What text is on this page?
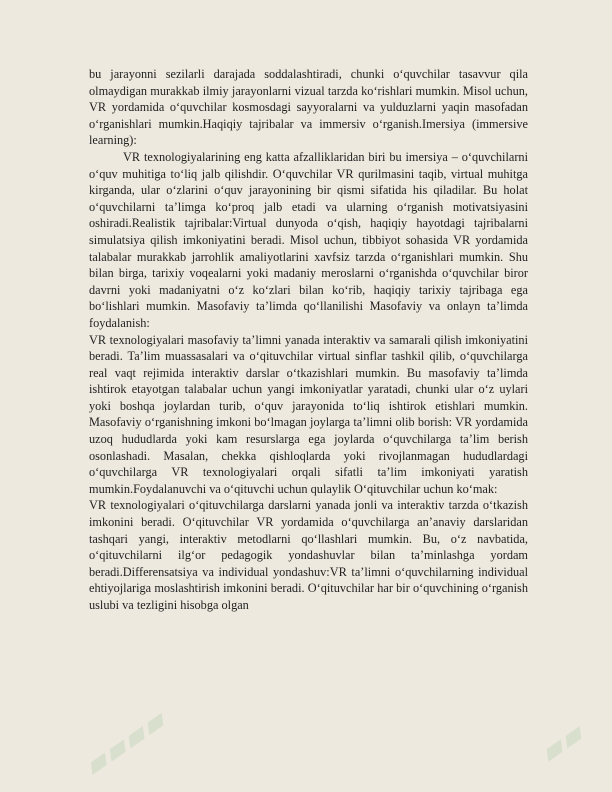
bu jarayonni sezilarli darajada soddalashtiradi, chunki oʻquvchilar tasavvur qila olmaydigan murakkab ilmiy jarayonlarni vizual tarzda koʻrishlari mumkin. Misol uchun, VR yordamida oʻquvchilar kosmosdagi sayyoralarni va yulduzlarni yaqin masofadan oʻrganishlari mumkin.Haqiqiy tajribalar va immersiv oʻrganish.Imersiya (immersive learning):

VR texnologiyalarining eng katta afzalliklaridan biri bu imersiya – oʻquvchilarni oʻquv muhitiga toʻliq jalb qilishdir. Oʻquvchilar VR qurilmasini taqib, virtual muhitga kirganda, ular oʻzlarini oʻquv jarayonining bir qismi sifatida his qiladilar. Bu holat oʻquvchilarni taʼlimga koʻproq jalb etadi va ularning oʻrganish motivatsiyasini oshiradi.Realistik tajribalar:Virtual dunyoda oʻqish, haqiqiy hayotdagi tajribalarni simulatsiya qilish imkoniyatini beradi. Misol uchun, tibbiyot sohasida VR yordamida talabalar murakkab jarrohlik amaliyotlarini xavfsiz tarzda oʻrganishlari mumkin. Shu bilan birga, tarixiy voqealarni yoki madaniy meroslarni oʻrganishda oʻquvchilar biror davrni yoki madaniyatni oʻz koʻzlari bilan koʻrib, haqiqiy tarixiy tajribaga ega boʻlishlari mumkin. Masofaviy taʼlimda qoʻllanilishi Masofaviy va onlayn taʼlimda foydalanish:

VR texnologiyalari masofaviy taʼlimni yanada interaktiv va samarali qilish imkoniyatini beradi. Taʼlim muassasalari va oʻqituvchilar virtual sinflar tashkil qilib, oʻquvchilarga real vaqt rejimida interaktiv darslar oʻtkazishlari mumkin. Bu masofaviy taʼlimda ishtirok etayotgan talabalar uchun yangi imkoniyatlar yaratadi, chunki ular oʻz uylari yoki boshqa joylardan turib, oʻquv jarayonida toʻliq ishtirok etishlari mumkin. Masofaviy oʻrganishning imkoni boʻlmagan joylarga taʼlimni olib borish: VR yordamida uzoq hududlarda yoki kam resurslarga ega joylarda oʻquvchilarga taʼlim berish osonlashadi. Masalan, chekka qishloqlarda yoki rivojlanmagan hududlardagi oʻquvchilarga VR texnologiyalari orqali sifatli taʼlim imkoniyati yaratish mumkin.Foydalanuvchi va oʻqituvchi uchun qulaylik Oʻqituvchilar uchun koʻmak:

VR texnologiyalari oʻqituvchilarga darslarni yanada jonli va interaktiv tarzda oʻtkazish imkonini beradi. Oʻqituvchilar VR yordamida oʻquvchilarga anʼanaviy darslaridan tashqari yangi, interaktiv metodlarni qoʻllashlari mumkin. Bu, oʻz navbatida, oʻqituvchilarni ilgʻor pedagogik yondashuvlar bilan taʼminlashga yordam beradi.Differensatsiya va individual yondashuv:VR taʼlimni oʻquvchilarning individual ehtiyojlariga moslashtirish imkonini beradi. Oʻqituvchilar har bir oʻquvchining oʻrganish uslubi va tezligini hisobga olgan

▰▰▰▰	▰▰
